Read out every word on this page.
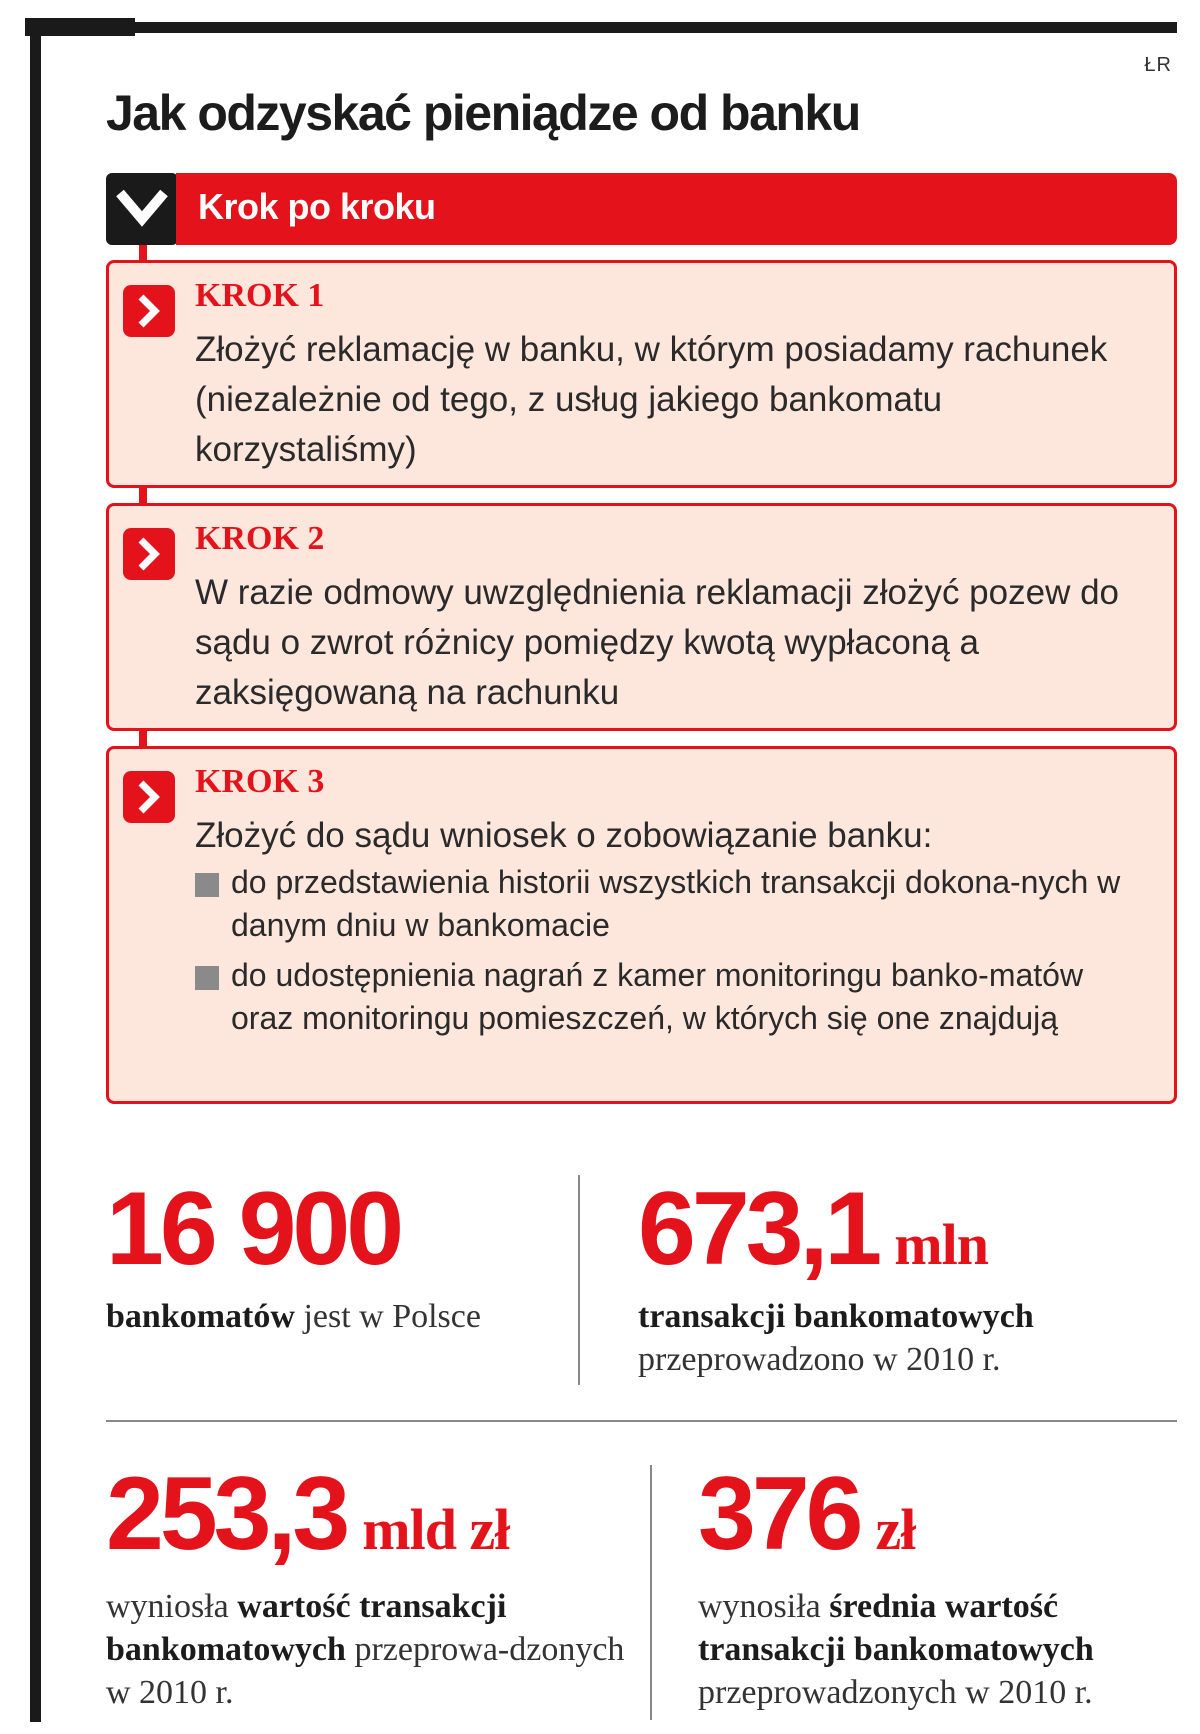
ŁR
Jak odzyskać pieniądze od banku
Krok po kroku
KROK 1
Złożyć reklamację w banku, w którym posiadamy rachunek (niezależnie od tego, z usług jakiego bankomatu korzystaliśmy)
KROK 2
W razie odmowy uwzględnienia reklamacji złożyć pozew do sądu o zwrot różnicy pomiędzy kwotą wypłaconą a zaksięgowaną na rachunku
KROK 3
Złożyć do sądu wniosek o zobowiązanie banku:
do przedstawienia historii wszystkich transakcji dokona-nych w danym dniu w bankomacie
do udostępnienia nagrań z kamer monitoringu banko-matów oraz monitoringu pomieszczeń, w których się one znajdują
16 900
bankomatów jest w Polsce
673,1 mln
transakcji bankomatowych przeprowadzono w 2010 r.
253,3 mld zł
wyniosła wartość transakcji bankomatowych przeprowa-dzonych w 2010 r.
376 zł
wynosiła średnia wartość transakcji bankomatowych przeprowadzonych w 2010 r.
